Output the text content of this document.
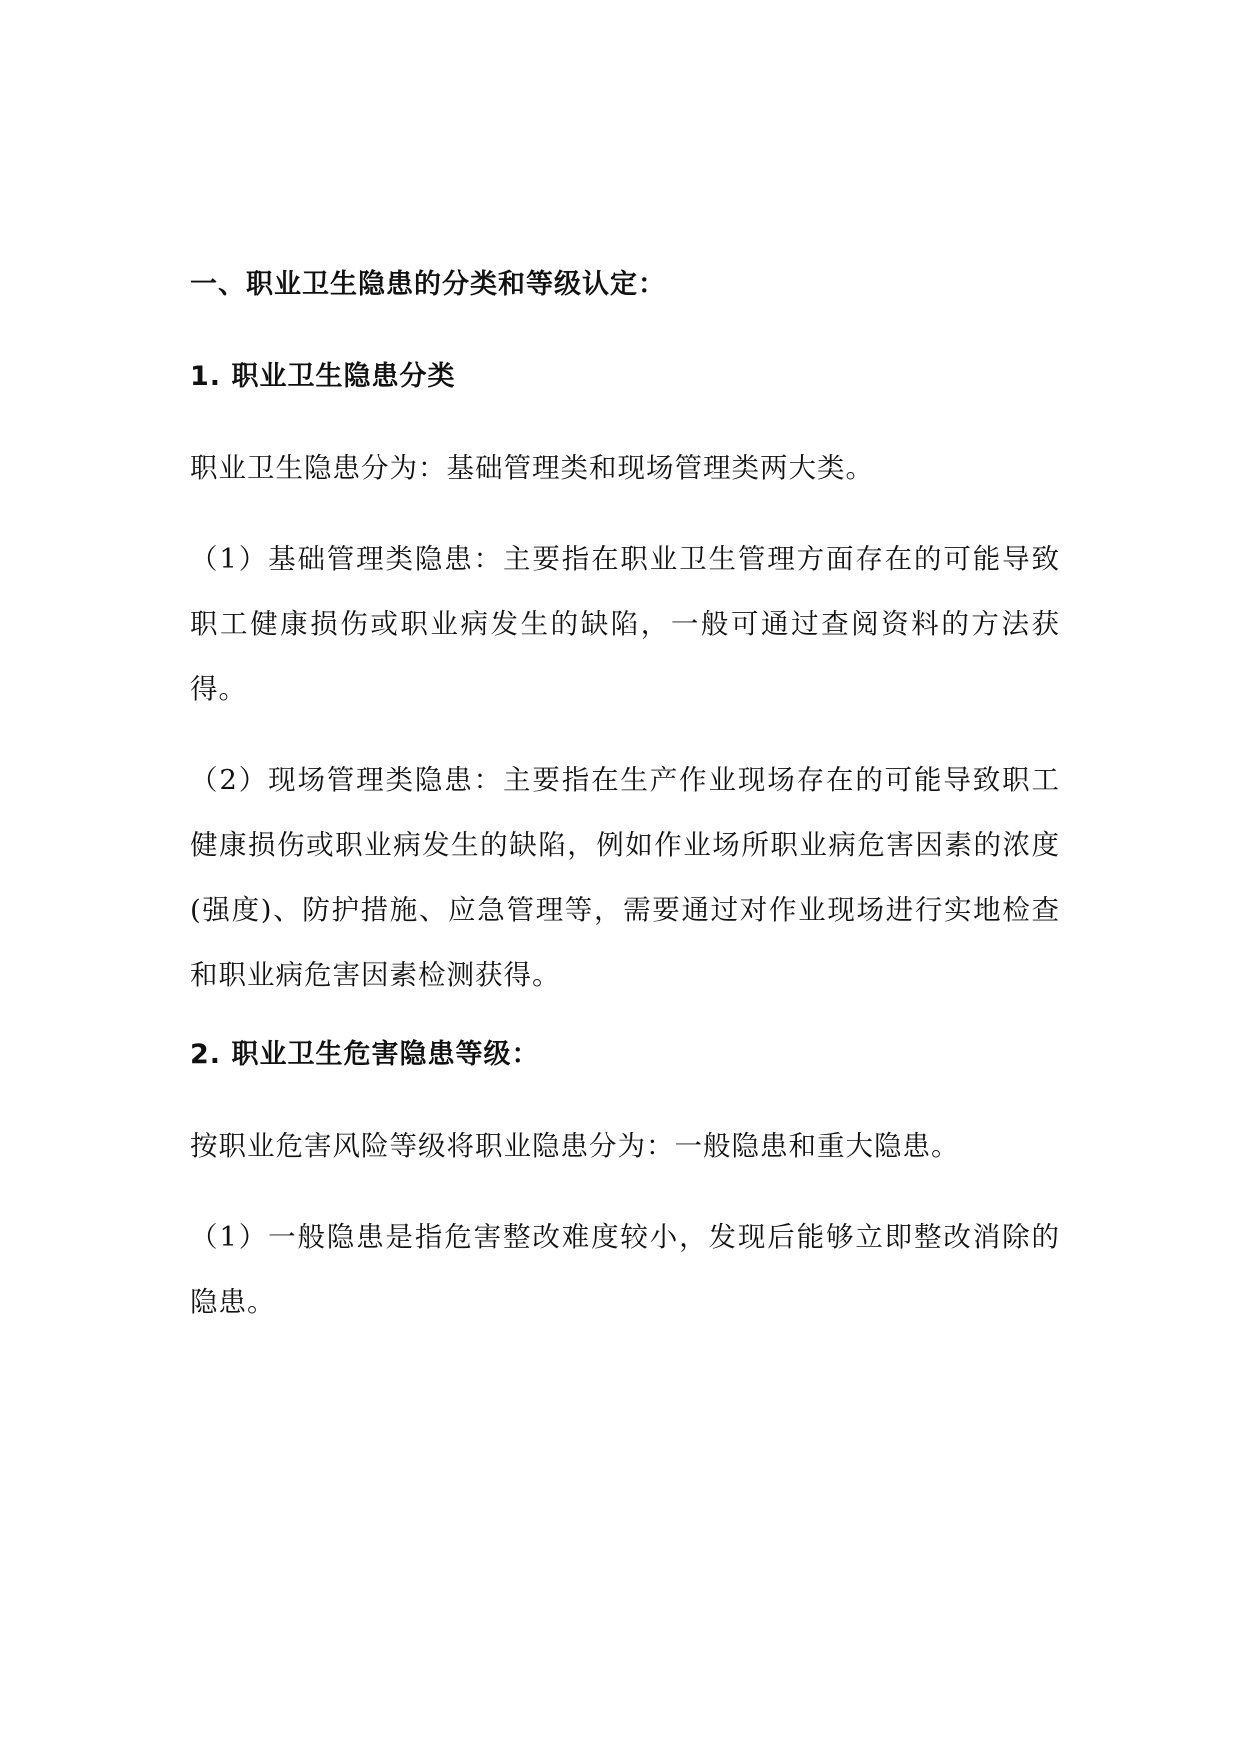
一、职业卫生隐患的分类和等级认定：
1. 职业卫生隐患分类

职业卫生隐患分为：基础管理类和现场管理类两大类。

（1）基础管理类隐患：主要指在职业卫生管理方面存在的可能导致职工健康损伤或职业病发生的缺陷，一般可通过查阅资料的方法获得。

（2）现场管理类隐患：主要指在生产作业现场存在的可能导致职工健康损伤或职业病发生的缺陷，例如作业场所职业病危害因素的浓度(强度)、防护措施、应急管理等，需要通过对作业现场进行实地检查和职业病危害因素检测获得。

2. 职业卫生危害隐患等级：

按职业危害风险等级将职业隐患分为：一般隐患和重大隐患。

（1）一般隐患是指危害整改难度较小，发现后能够立即整改消除的隐患。
